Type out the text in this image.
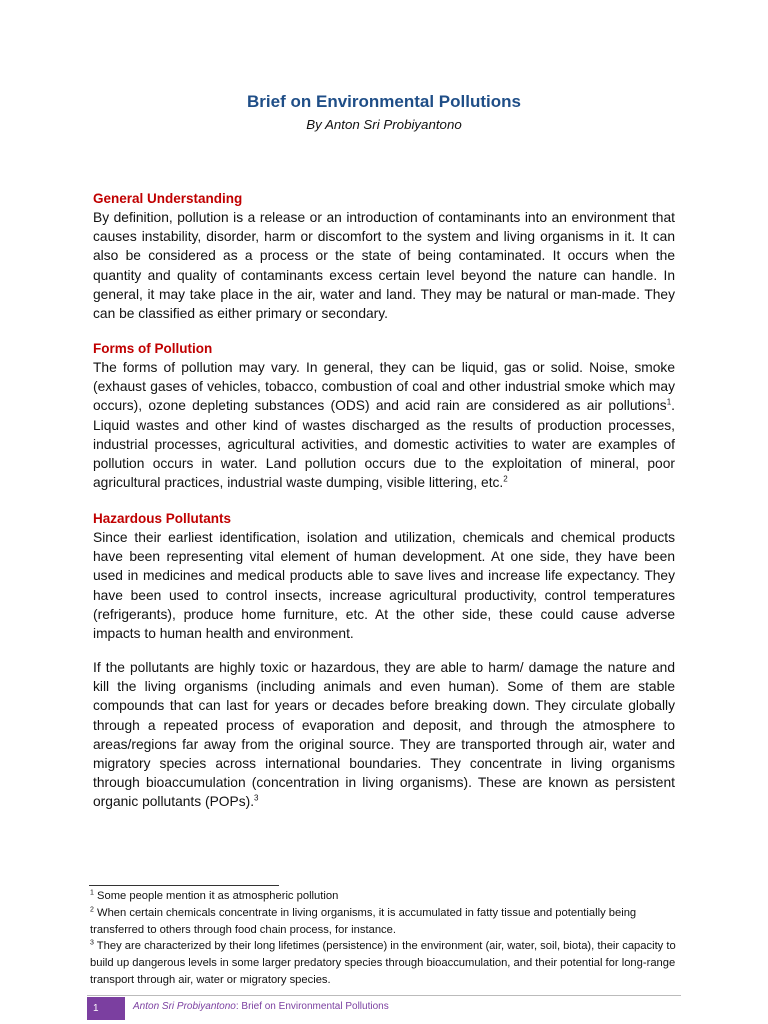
Brief on Environmental Pollutions
By Anton Sri Probiyantono
General Understanding

By definition, pollution is a release or an introduction of contaminants into an environment that causes instability, disorder, harm or discomfort to the system and living organisms in it. It can also be considered as a process or the state of being contaminated. It occurs when the quantity and quality of contaminants excess certain level beyond the nature can handle. In general, it may take place in the air, water and land. They may be natural or man-made. They can be classified as either primary or secondary.

Forms of Pollution

The forms of pollution may vary. In general, they can be liquid, gas or solid. Noise, smoke (exhaust gases of vehicles, tobacco, combustion of coal and other industrial smoke which may occurs), ozone depleting substances (ODS) and acid rain are considered as air pollutions$^1$. Liquid wastes and other kind of wastes discharged as the results of production processes, industrial processes, agricultural activities, and domestic activities to water are examples of pollution occurs in water. Land pollution occurs due to the exploitation of mineral, poor agricultural practices, industrial waste dumping, visible littering, etc.$^2$

Hazardous Pollutants

Since their earliest identification, isolation and utilization, chemicals and chemical products have been representing vital element of human development. At one side, they have been used in medicines and medical products able to save lives and increase life expectancy. They have been used to control insects, increase agricultural productivity, control temperatures (refrigerants), produce home furniture, etc. At the other side, these could cause adverse impacts to human health and environment.

If the pollutants are highly toxic or hazardous, they are able to harm/ damage the nature and kill the living organisms (including animals and even human). Some of them are stable compounds that can last for years or decades before breaking down. They circulate globally through a repeated process of evaporation and deposit, and through the atmosphere to areas/regions far away from the original source. They are transported through air, water and migratory species across international boundaries. They concentrate in living organisms through bioaccumulation (concentration in living organisms). These are known as persistent organic pollutants (POPs).$^3$

$^1$ Some people mention it as atmospheric pollution

$^2$ When certain chemicals concentrate in living organisms, it is accumulated in fatty tissue and potentially being transferred to others through food chain process, for instance.

$^3$ They are characterized by their long lifetimes (persistence) in the environment (air, water, soil, biota), their capacity to build up dangerous levels in some larger predatory species through bioaccumulation, and their potential for long-range transport through air, water or migratory species.

1	Anton Sri Probiyantono: Brief on Environmental Pollutions
